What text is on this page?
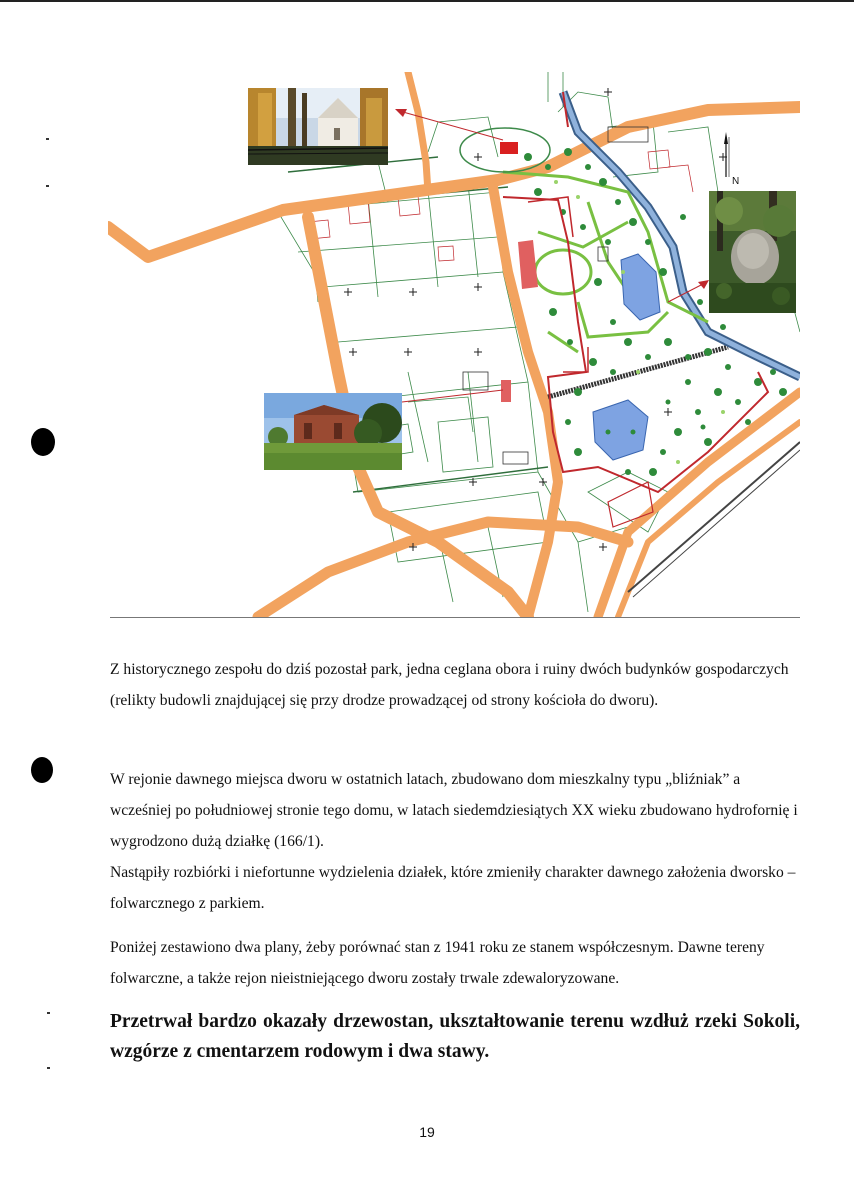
N

Z historycznego zespołu do dziś pozostał park, jedna ceglana obora i ruiny dwóch budynków gospodarczych (relikty budowli znajdującej się przy drodze prowadzącej od strony kościoła do dworu).

W rejonie dawnego miejsca dworu w ostatnich latach, zbudowano dom mieszkalny typu „bliźniak” a wcześniej po południowej stronie tego domu, w latach siedemdziesiątych XX wieku zbudowano hydrofornię i wygrodzono dużą działkę (166/1).

Nastąpiły rozbiórki i niefortunne wydzielenia działek, które zmieniły charakter dawnego założenia dworsko – folwarcznego z parkiem.

Poniżej zestawiono dwa plany, żeby porównać stan z 1941 roku ze stanem współczesnym. Dawne tereny folwarczne, a także rejon nieistniejącego dworu zostały trwale zdewaloryzowane.

Przetrwał bardzo okazały drzewostan, ukształtowanie terenu wzdłuż rzeki Sokoli, wzgórze z cmentarzem rodowym i dwa stawy.

19
